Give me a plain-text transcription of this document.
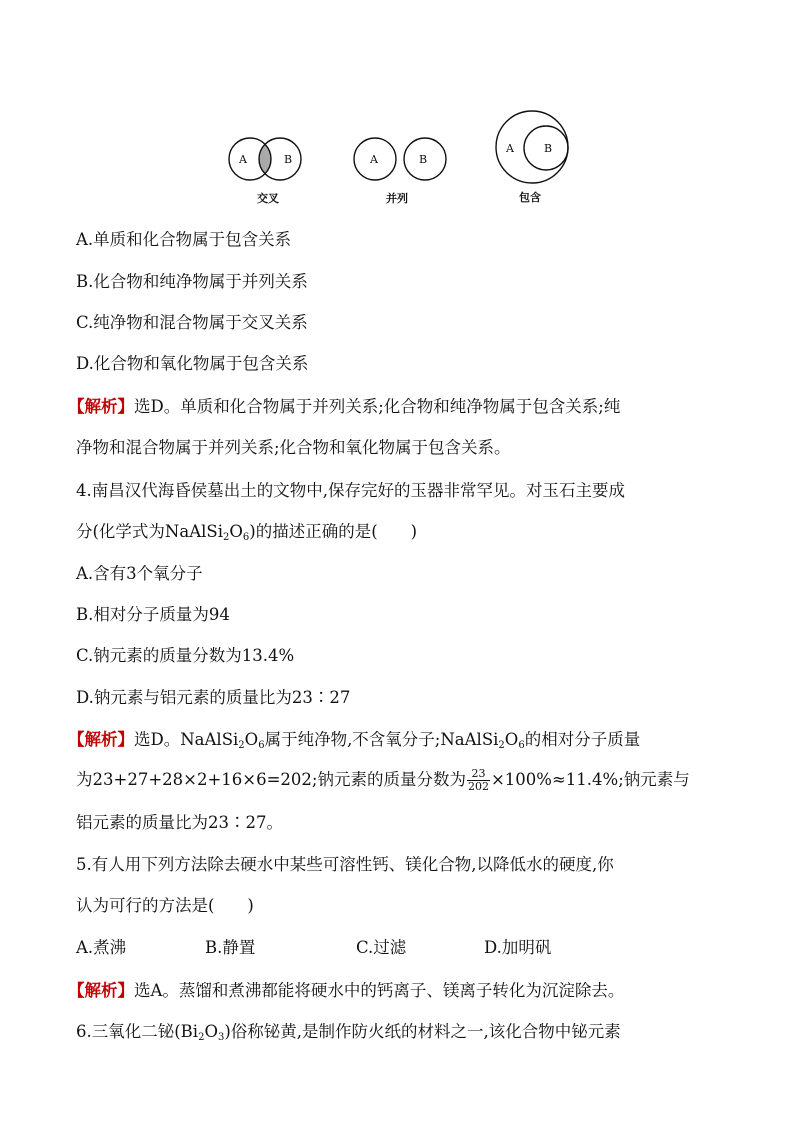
A	B
交叉
A	B
并列
A	B
包含
A.单质和化合物属于包含关系
B.化合物和纯净物属于并列关系
C.纯净物和混合物属于交叉关系
D.化合物和氧化物属于包含关系
【解析】选D。单质和化合物属于并列关系;化合物和纯净物属于包含关系;纯
净物和混合物属于并列关系;化合物和氧化物属于包含关系。
4.南昌汉代海昏侯墓出土的文物中,保存完好的玉器非常罕见。对玉石主要成
分(化学式为$NaAlSi_2O_6$)的描述正确的是(　　)
A.含有3个氧分子
B.相对分子质量为94
C.钠元素的质量分数为13.4%
D.钠元素与铝元素的质量比为23∶27
【解析】选D。$NaAlSi_2O_6$属于纯净物,不含氧分子$;NaAlSi_2O_6$的相对分子质量
为23+27+28×2+16×6=202;钠元素的质量分数为 $\frac{23}{202} \times 100\%\approx 11.4\%$;钠元素与
铝元素的质量比为23∶27。
5.有人用下列方法除去硬水中某些可溶性钙、镁化合物,以降低水的硬度,你
认为可行的方法是(　　)
A.煮沸	B.静置	C.过滤	D.加明矾
【解析】选A。蒸馏和煮沸都能将硬水中的钙离子、镁离子转化为沉淀除去。
6.三氧化二铋$(Bi_2O_3)$俗称铋黄,是制作防火纸的材料之一,该化合物中铋元素
